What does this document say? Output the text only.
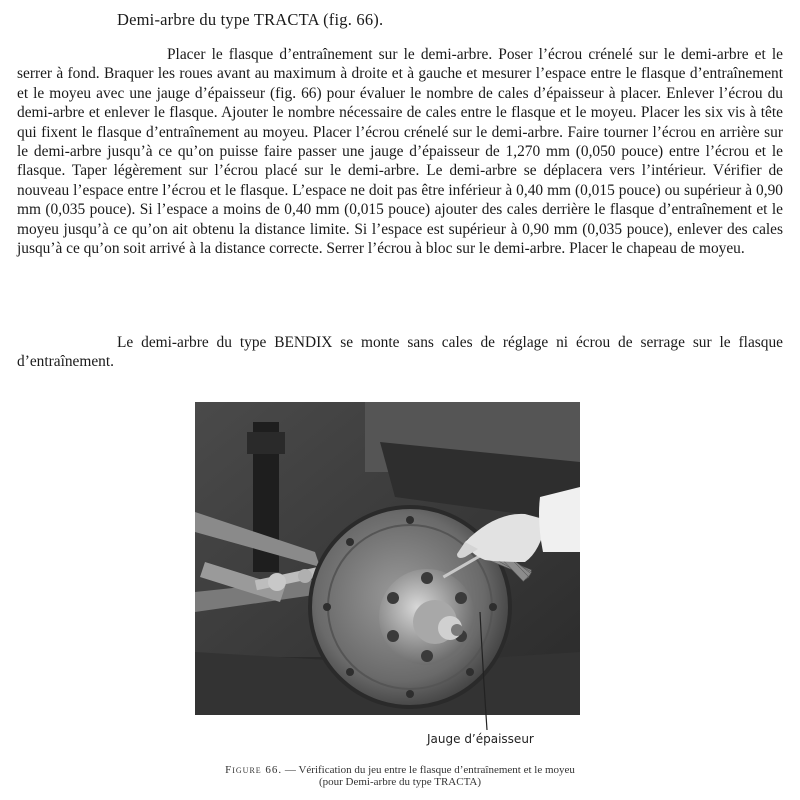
Demi-arbre du type TRACTA (fig. 66).

Placer le flasque d’entraînement sur le demi-arbre. Poser l’écrou crénelé sur le demi-arbre et le serrer à fond. Braquer les roues avant au maximum à droite et à gauche et mesurer l’espace entre le flasque d’entraînement et le moyeu avec une jauge d’épaisseur (fig. 66) pour évaluer le nombre de cales d’épaisseur à placer. Enlever l’écrou du demi-arbre et enlever le flasque. Ajouter le nombre nécessaire de cales entre le flasque et le moyeu. Placer les six vis à tête qui fixent le flasque d’entraînement au moyeu. Placer l’écrou crénelé sur le demi-arbre. Faire tourner l’écrou en arrière sur le demi-arbre jusqu’à ce qu’on puisse faire passer une jauge d’épaisseur de 1,270 mm (0,050 pouce) entre l’écrou et le flasque. Taper légèrement sur l’écrou placé sur le demi-arbre. Le demi-arbre se déplacera vers l’intérieur. Vérifier de nouveau l’espace entre l’écrou et le flasque. L’espace ne doit pas être inférieur à 0,40 mm (0,015 pouce) ou supérieur à 0,90 mm (0,035 pouce). Si l’espace a moins de 0,40 mm (0,015 pouce) ajouter des cales derrière le flasque d’entraînement et le moyeu jusqu’à ce qu’on ait obtenu la distance limite. Si l’espace est supérieur à 0,90 mm (0,035 pouce), enlever des cales jusqu’à ce qu’on soit arrivé à la distance correcte. Serrer l’écrou à bloc sur le demi-arbre. Placer le chapeau de moyeu.

Le demi-arbre du type BENDIX se monte sans cales de réglage ni écrou de serrage sur le flasque d’entraînement.

Jauge d’épaisseur
Figure 66. — Vérification du jeu entre le flasque d’entraînement et le moyeu
(pour Demi-arbre du type TRACTA)
